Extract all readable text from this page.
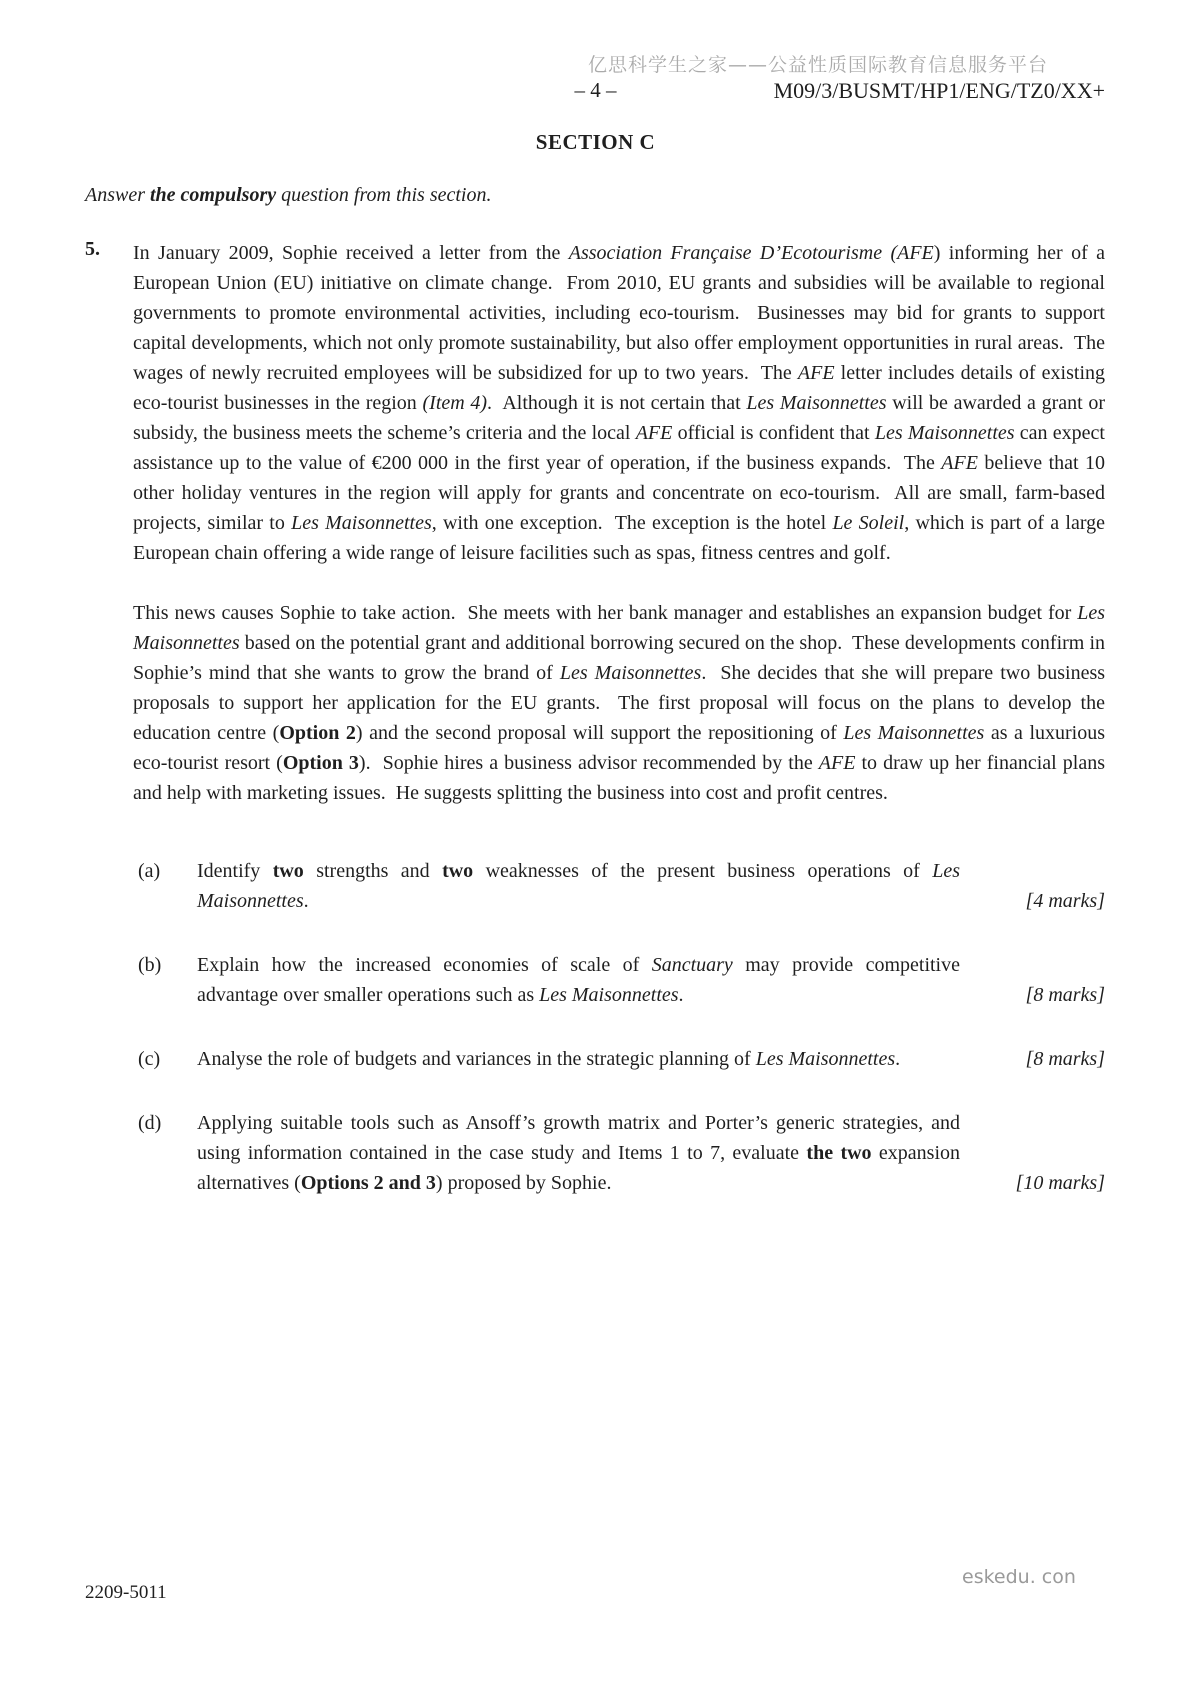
亿思科学生之家——公益性质国际教育信息服务平台
– 4 –	M09/3/BUSMT/HP1/ENG/TZ0/XX+
SECTION C
Answer the compulsory question from this section.
5. In January 2009, Sophie received a letter from the Association Française D’Ecotourisme (AFE) informing her of a European Union (EU) initiative on climate change.  From 2010, EU grants and subsidies will be available to regional governments to promote environmental activities, including eco-tourism.  Businesses may bid for grants to support capital developments, which not only promote sustainability, but also offer employment opportunities in rural areas.  The wages of newly recruited employees will be subsidized for up to two years.  The AFE letter includes details of existing eco-tourist businesses in the region (Item 4).  Although it is not certain that Les Maisonnettes will be awarded a grant or subsidy, the business meets the scheme’s criteria and the local AFE official is confident that Les Maisonnettes can expect assistance up to the value of €200 000 in the first year of operation, if the business expands.  The AFE believe that 10 other holiday ventures in the region will apply for grants and concentrate on eco-tourism.  All are small, farm-based projects, similar to Les Maisonnettes, with one exception.  The exception is the hotel Le Soleil, which is part of a large European chain offering a wide range of leisure facilities such as spas, fitness centres and golf.

This news causes Sophie to take action.  She meets with her bank manager and establishes an expansion budget for Les Maisonnettes based on the potential grant and additional borrowing secured on the shop.  These developments confirm in Sophie’s mind that she wants to grow the brand of Les Maisonnettes.  She decides that she will prepare two business proposals to support her application for the EU grants.  The first proposal will focus on the plans to develop the education centre (Option 2) and the second proposal will support the repositioning of Les Maisonnettes as a luxurious eco-tourist resort (Option 3).  Sophie hires a business advisor recommended by the AFE to draw up her financial plans and help with marketing issues.  He suggests splitting the business into cost and profit centres.

(a) Identify two strengths and two weaknesses of the present business operations of Les Maisonnettes.	[4 marks]
(b) Explain how the increased economies of scale of Sanctuary may provide competitive advantage over smaller operations such as Les Maisonnettes.	[8 marks]
(c) Analyse the role of budgets and variances in the strategic planning of Les Maisonnettes.	[8 marks]
(d) Applying suitable tools such as Ansoff’s growth matrix and Porter’s generic strategies, and using information contained in the case study and Items 1 to 7, evaluate the two expansion alternatives (Options 2 and 3) proposed by Sophie.	[10 marks]
2209-5011
eskedu. con
